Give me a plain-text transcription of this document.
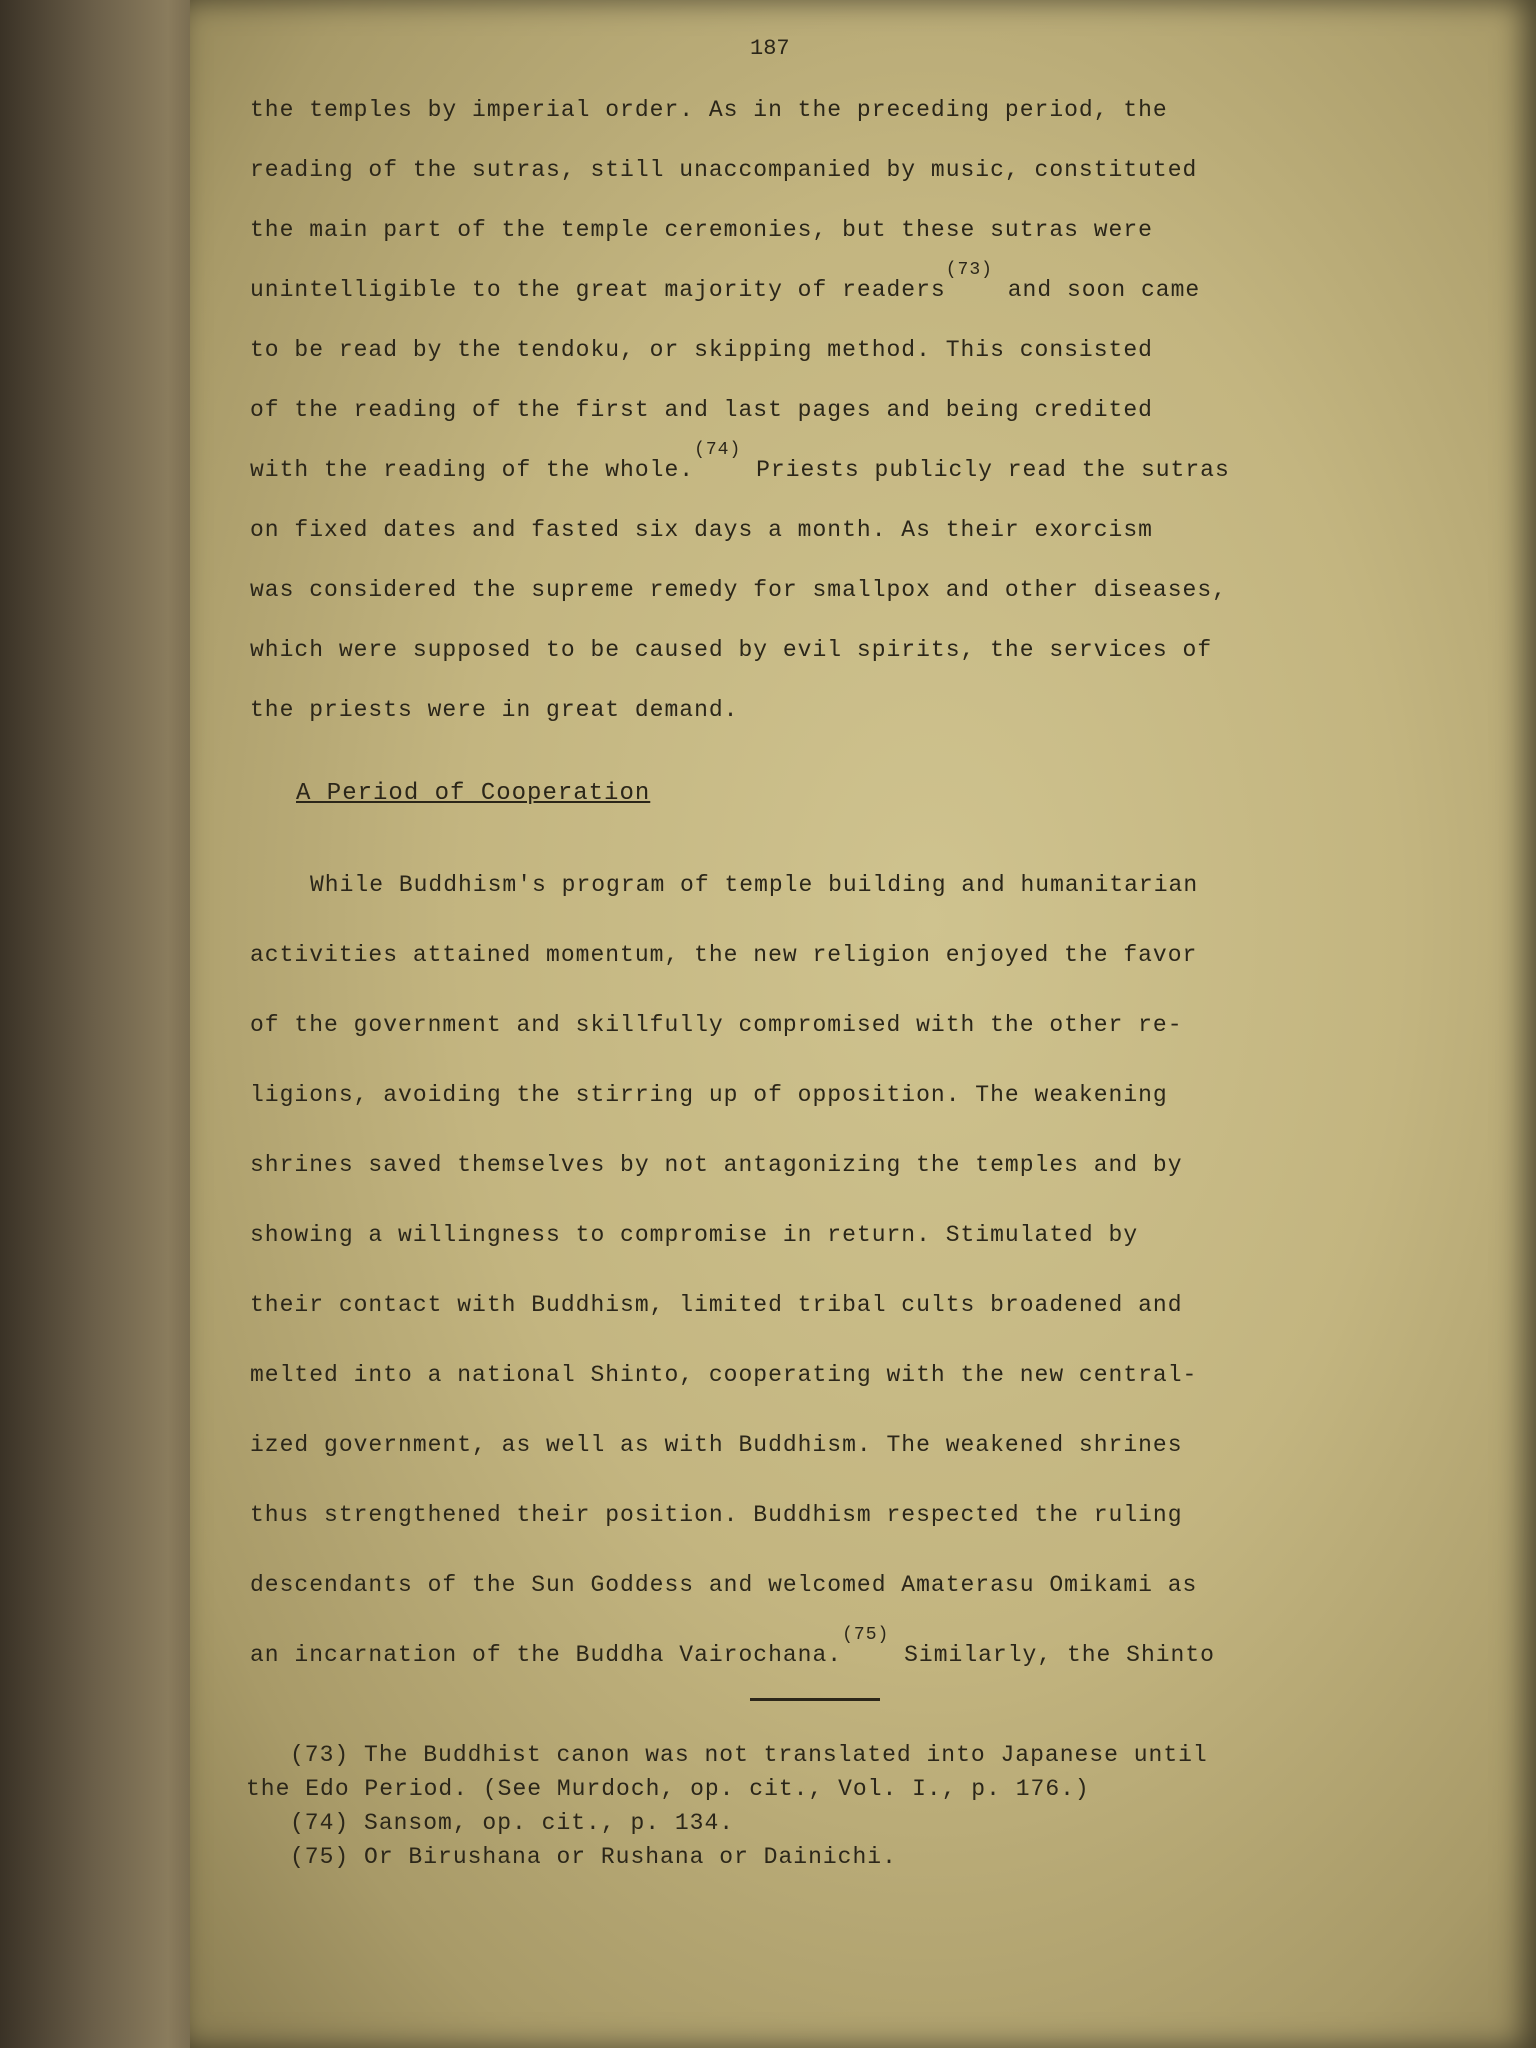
187
the temples by imperial order. As in the preceding period, the
reading of the sutras, still unaccompanied by music, constituted
the main part of the temple ceremonies, but these sutras were
unintelligible to the great majority of readers$^{(73)}$ and soon came
to be read by the tendoku, or skipping method. This consisted
of the reading of the first and last pages and being credited
with the reading of the whole.$^{(74)}$ Priests publicly read the sutras
on fixed dates and fasted six days a month. As their exorcism
was considered the supreme remedy for smallpox and other diseases,
which were supposed to be caused by evil spirits, the services of
the priests were in great demand.
A Period of Cooperation
While Buddhism's program of temple building and humanitarian
activities attained momentum, the new religion enjoyed the favor
of the government and skillfully compromised with the other re-
ligions, avoiding the stirring up of opposition. The weakening
shrines saved themselves by not antagonizing the temples and by
showing a willingness to compromise in return. Stimulated by
their contact with Buddhism, limited tribal cults broadened and
melted into a national Shinto, cooperating with the new central-
ized government, as well as with Buddhism. The weakened shrines
thus strengthened their position. Buddhism respected the ruling
descendants of the Sun Goddess and welcomed Amaterasu Omikami as
an incarnation of the Buddha Vairochana.$^{(75)}$ Similarly, the Shinto
(73) The Buddhist canon was not translated into Japanese until
the Edo Period. (See Murdoch, op. cit., Vol. I., p. 176.)
(74) Sansom, op. cit., p. 134.
(75) Or Birushana or Rushana or Dainichi.
